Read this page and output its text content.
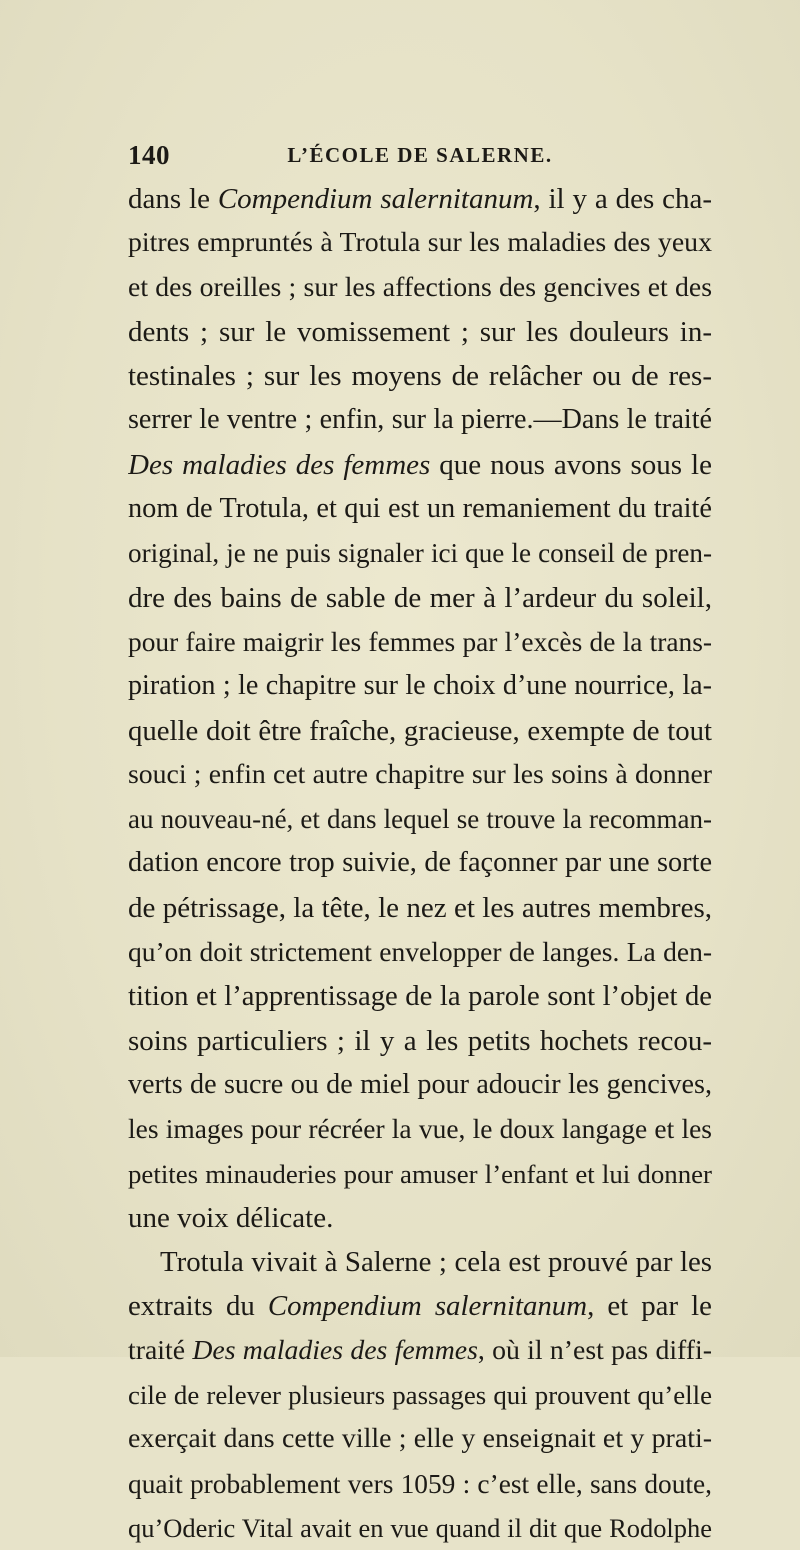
140	L’ÉCOLE DE SALERNE.
dans le Compendium salernitanum, il y a des cha-
pitres empruntés à Trotula sur les maladies des yeux
et des oreilles ; sur les affections des gencives et des
dents ; sur le vomissement ; sur les douleurs in-
testinales ; sur les moyens de relâcher ou de res-
serrer le ventre ; enfin, sur la pierre.—Dans le traité
Des maladies des femmes que nous avons sous le
nom de Trotula, et qui est un remaniement du traité
original, je ne puis signaler ici que le conseil de pren-
dre des bains de sable de mer à l’ardeur du soleil,
pour faire maigrir les femmes par l’excès de la trans-
piration ; le chapitre sur le choix d’une nourrice, la-
quelle doit être fraîche, gracieuse, exempte de tout
souci ; enfin cet autre chapitre sur les soins à donner
au nouveau-né, et dans lequel se trouve la recomman-
dation encore trop suivie, de façonner par une sorte
de pétrissage, la tête, le nez et les autres membres,
qu’on doit strictement envelopper de langes. La den-
tition et l’apprentissage de la parole sont l’objet de
soins particuliers ; il y a les petits hochets recou-
verts de sucre ou de miel pour adoucir les gencives,
les images pour récréer la vue, le doux langage et les
petites minauderies pour amuser l’enfant et lui donner
une voix délicate.
Trotula vivait à Salerne ; cela est prouvé par les
extraits du Compendium salernitanum, et par le
traité Des maladies des femmes, où il n’est pas diffi-
cile de relever plusieurs passages qui prouvent qu’elle
exerçait dans cette ville ; elle y enseignait et y prati-
quait probablement vers 1059 : c’est elle, sans doute,
qu’Oderic Vital avait en vue quand il dit que Rodolphe
